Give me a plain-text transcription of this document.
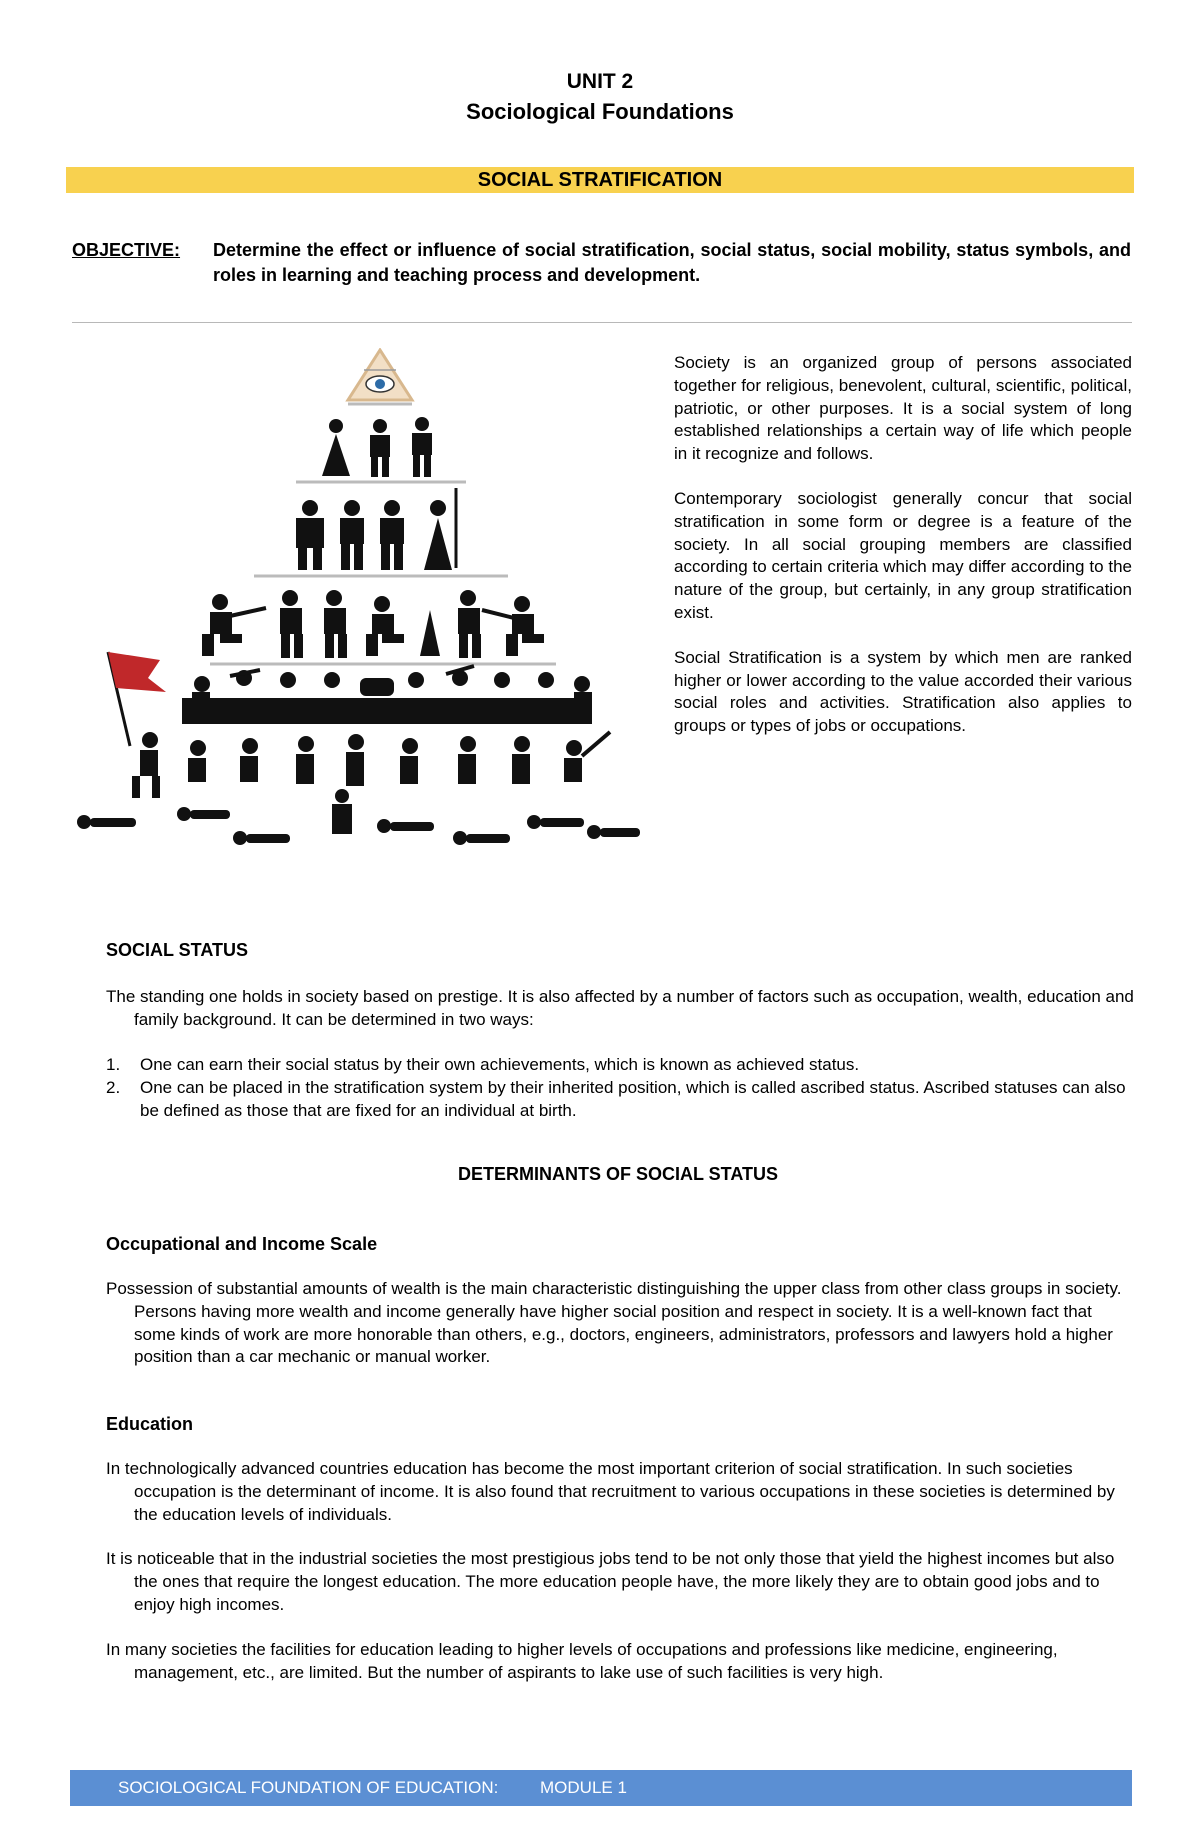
UNIT 2
Sociological Foundations
SOCIAL STRATIFICATION
OBJECTIVE: Determine the effect or influence of social stratification, social status, social mobility, status symbols, and roles in learning and teaching process and development.

Society is an organized group of persons associated together for religious, benevolent, cultural, scientific, political, patriotic, or other purposes. It is a social system of long established relationships a certain way of life which people in it recognize and follows.

Contemporary sociologist generally concur that social stratification in some form or degree is a feature of the society. In all social grouping members are classified according to certain criteria which may differ according to the nature of the group, but certainly, in any group stratification exist.

Social Stratification is a system by which men are ranked higher or lower according to the value accorded their various social roles and activities. Stratification also applies to groups or types of jobs or occupations.

SOCIAL STATUS

The standing one holds in society based on prestige. It is also affected by a number of factors such as occupation, wealth, education and family background. It can be determined in two ways:

1. One can earn their social status by their own achievements, which is known as achieved status.
2. One can be placed in the stratification system by their inherited position, which is called ascribed status. Ascribed statuses can also be defined as those that are fixed for an individual at birth.
DETERMINANTS OF SOCIAL STATUS
Occupational and Income Scale

Possession of substantial amounts of wealth is the main characteristic distinguishing the upper class from other class groups in society. Persons having more wealth and income generally have higher social position and respect in society. It is a well-known fact that some kinds of work are more honorable than others, e.g., doctors, engineers, administrators, professors and lawyers hold a higher position than a car mechanic or manual worker.

Education

In technologically advanced countries education has become the most important criterion of social stratification. In such societies occupation is the determinant of income. It is also found that recruitment to various occupations in these societies is determined by the education levels of individuals.

It is noticeable that in the industrial societies the most prestigious jobs tend to be not only those that yield the highest incomes but also the ones that require the longest education. The more education people have, the more likely they are to obtain good jobs and to enjoy high incomes.

In many societies the facilities for education leading to higher levels of occupations and professions like medicine, engineering, management, etc., are limited. But the number of aspirants to lake use of such facilities is very high.

SOCIOLOGICAL FOUNDATION OF EDUCATION: MODULE 1
